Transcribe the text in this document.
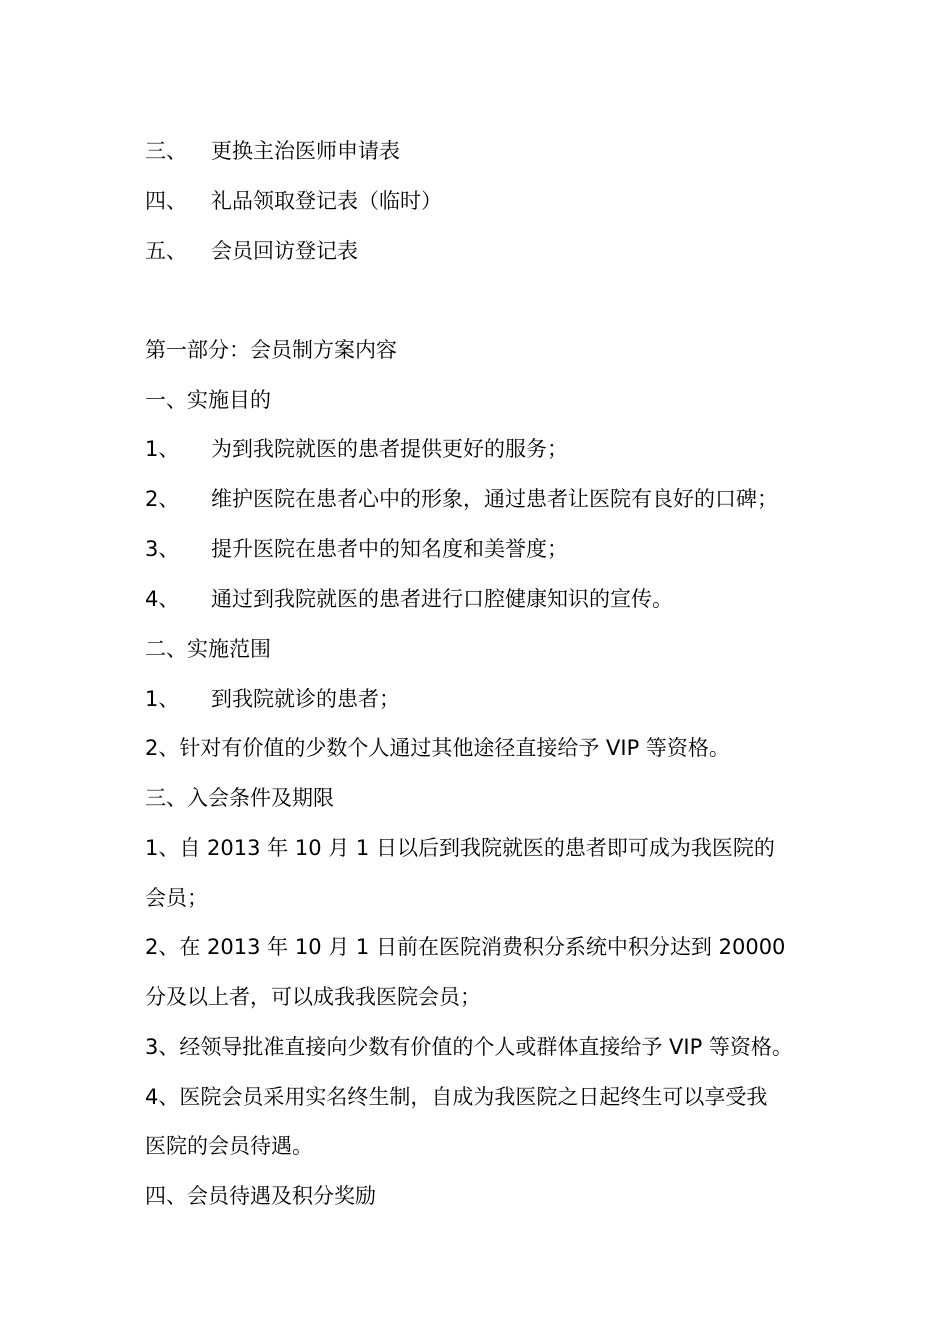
三、 更换主治医师申请表
四、 礼品领取登记表（临时）
五、 会员回访登记表
第一部分：会员制方案内容
一、实施目的
1、 为到我院就医的患者提供更好的服务；
2、 维护医院在患者心中的形象，通过患者让医院有良好的口碑；
3、 提升医院在患者中的知名度和美誉度；
4、 通过到我院就医的患者进行口腔健康知识的宣传。
二、实施范围
1、 到我院就诊的患者；
2、针对有价值的少数个人通过其他途径直接给予 VIP 等资格。
三、入会条件及期限
1、自 2013 年 10 月 1 日以后到我院就医的患者即可成为我医院的
会员；
2、在 2013 年 10 月 1 日前在医院消费积分系统中积分达到 20000
分及以上者，可以成我我医院会员；
3、经领导批准直接向少数有价值的个人或群体直接给予 VIP 等资格。
4、医院会员采用实名终生制，自成为我医院之日起终生可以享受我
医院的会员待遇。
四、会员待遇及积分奖励
